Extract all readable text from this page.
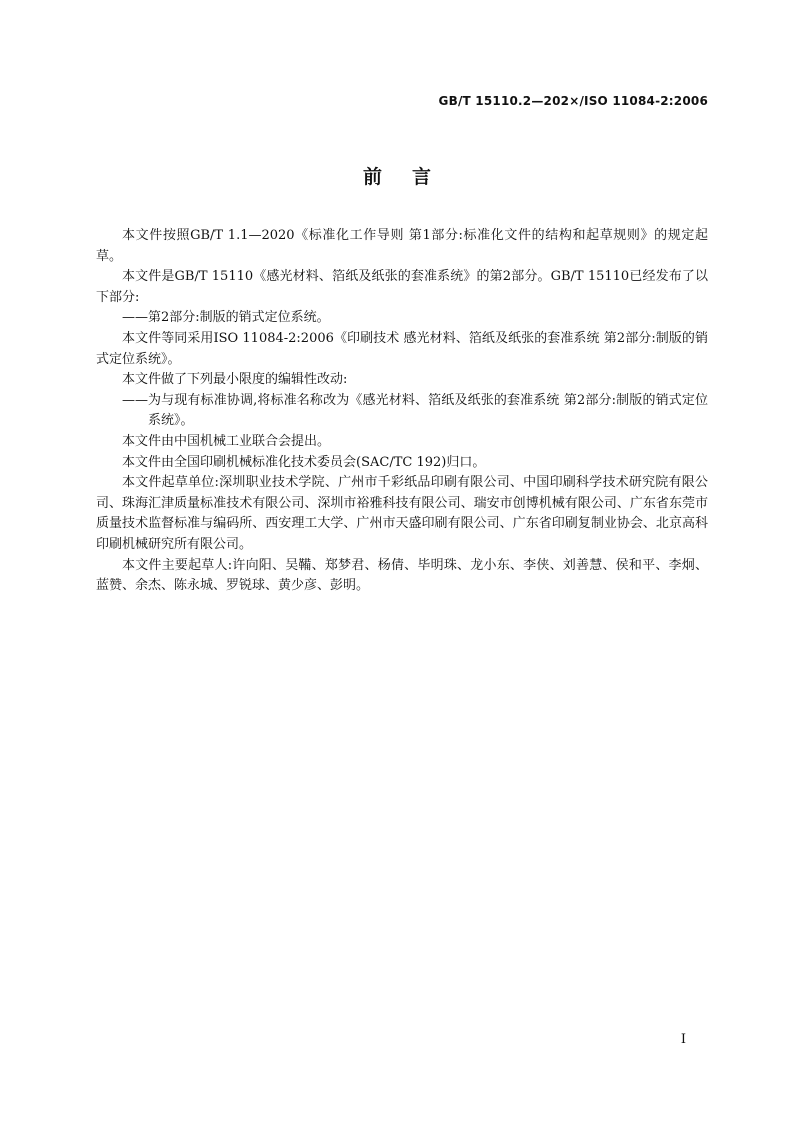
GB/T 15110.2—202×/ISO 11084-2:2006
前言

本文件按照GB/T 1.1—2020《标准化工作导则 第1部分:标准化文件的结构和起草规则》的规定起草。

本文件是GB/T 15110《感光材料、箔纸及纸张的套准系统》的第2部分。GB/T 15110已经发布了以下部分:

—— 第2部分:制版的销式定位系统。

本文件等同采用ISO 11084-2:2006《印刷技术 感光材料、箔纸及纸张的套准系统 第2部分:制版的销式定位系统》。

本文件做了下列最小限度的编辑性改动:

—— 为与现有标准协调,将标准名称改为《感光材料、箔纸及纸张的套准系统 第2部分:制版的销式定位系统》。

本文件由中国机械工业联合会提出。

本文件由全国印刷机械标准化技术委员会(SAC/TC 192)归口。

本文件起草单位:深圳职业技术学院、广州市千彩纸品印刷有限公司、中国印刷科学技术研究院有限公司、珠海汇津质量标准技术有限公司、深圳市裕雅科技有限公司、瑞安市创博机械有限公司、广东省东莞市质量技术监督标准与编码所、西安理工大学、广州市天盛印刷有限公司、广东省印刷复制业协会、北京高科印刷机械研究所有限公司。

本文件主要起草人:许向阳、吴鞴、郑梦君、杨倩、毕明珠、龙小东、李侠、刘善慧、侯和平、李炯、蓝赞、余杰、陈永城、罗锐球、黄少彦、彭明。

I
